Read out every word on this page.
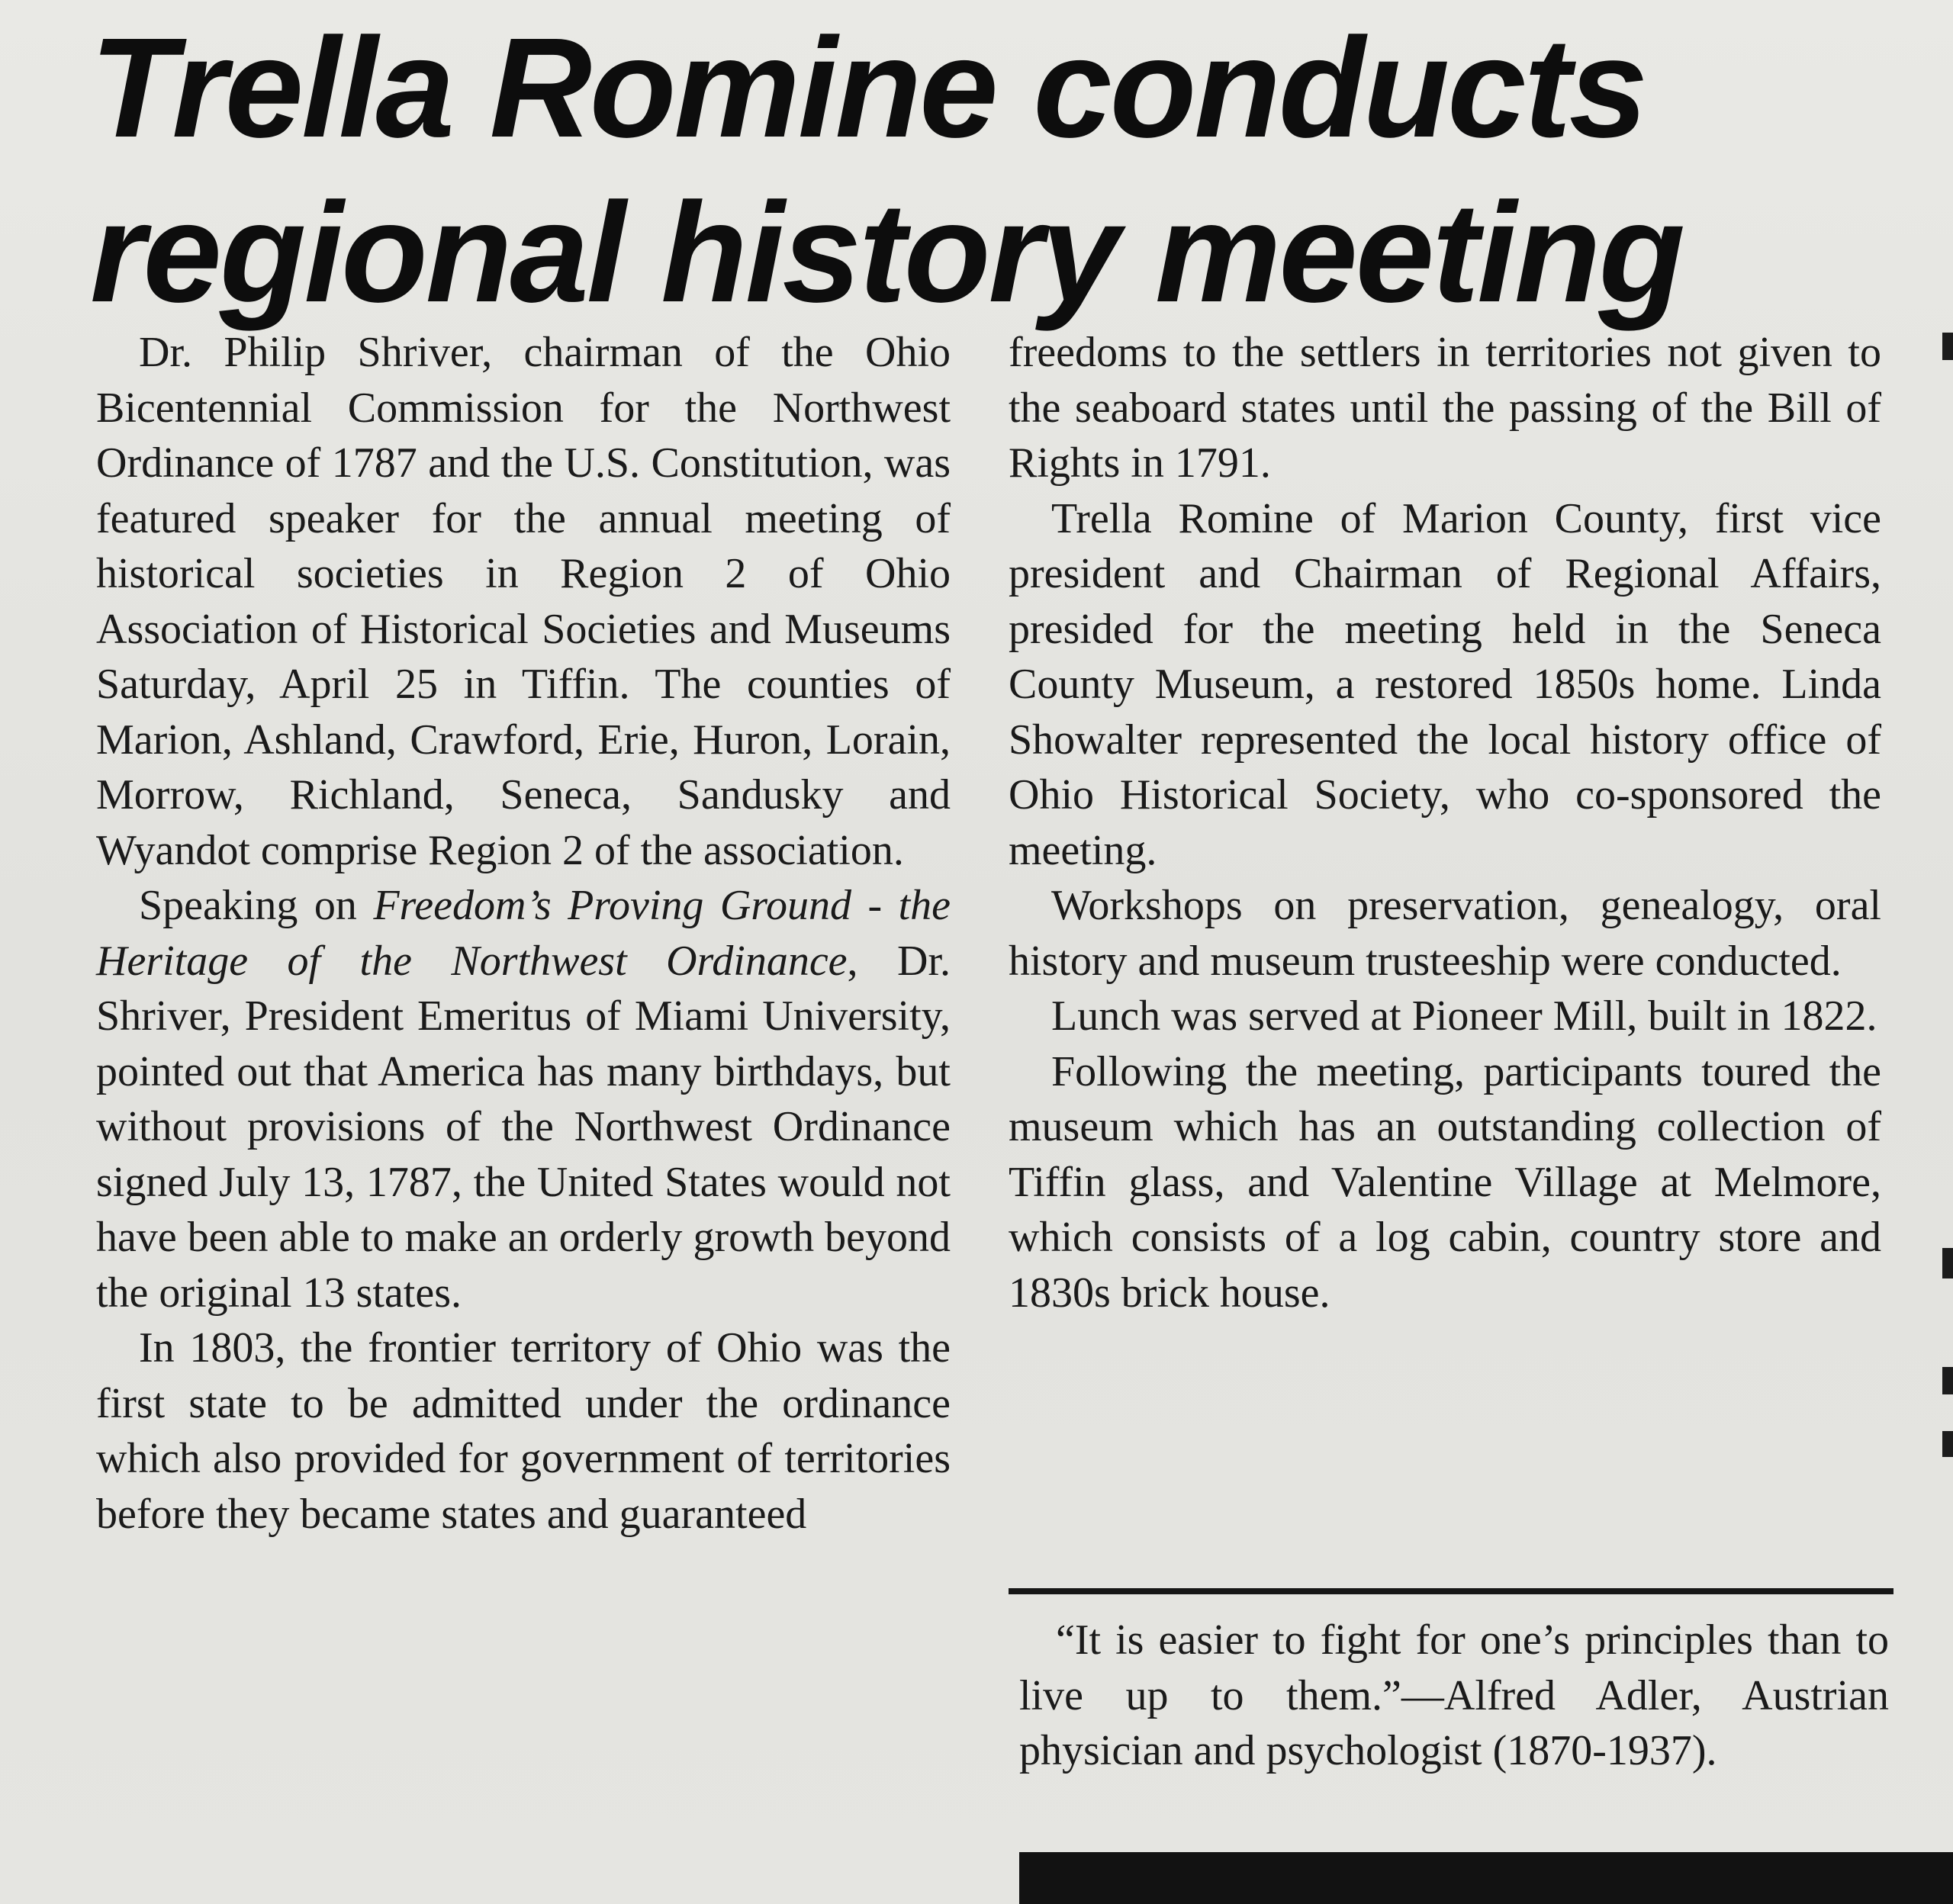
Trella Romine conducts
regional history meeting

Dr. Philip Shriver, chairman of the Ohio Bicentennial Commission for the Northwest Ordinance of 1787 and the U.S. Constitution, was featured speaker for the annual meeting of historical societies in Region 2 of Ohio Association of Historical Societies and Museums Saturday, April 25 in Tiffin. The counties of Marion, Ashland, Crawford, Erie, Huron, Lorain, Morrow, Richland, Seneca, Sandusky and Wyandot comprise Region 2 of the association.

Speaking on Freedom’s Proving Ground - the Heritage of the Northwest Ordinance, Dr. Shriver, President Emeritus of Miami University, pointed out that America has many birthdays, but without provisions of the Northwest Ordinance signed July 13, 1787, the United States would not have been able to make an orderly growth beyond the original 13 states.

In 1803, the frontier territory of Ohio was the first state to be admitted under the ordinance which also provided for government of territories before they became states and guaranteed

freedoms to the settlers in territories not given to the seaboard states until the passing of the Bill of Rights in 1791.

Trella Romine of Marion County, first vice president and Chairman of Regional Affairs, presided for the meeting held in the Seneca County Museum, a restored 1850s home. Linda Showalter represented the local history office of Ohio Historical Society, who co-sponsored the meeting.

Workshops on preservation, genealogy, oral history and museum trusteeship were conducted.

Lunch was served at Pioneer Mill, built in 1822.

Following the meeting, participants toured the museum which has an outstanding collection of Tiffin glass, and Valentine Village at Melmore, which consists of a log cabin, country store and 1830s brick house.

“It is easier to fight for one’s principles than to live up to them.”—Alfred Adler, Austrian physician and psychologist (1870-1937).
